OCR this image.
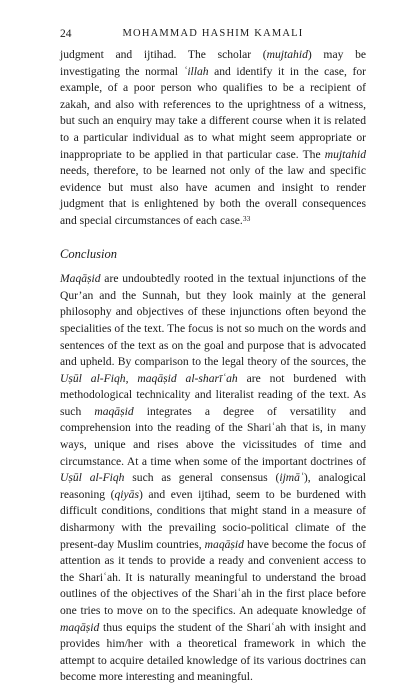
24	MOHAMMAD HASHIM KAMALI

judgment and ijtihad. The scholar (mujtahid) may be investigating the normal ʿillah and identify it in the case, for example, of a poor person who qualifies to be a recipient of zakah, and also with references to the uprightness of a witness, but such an enquiry may take a different course when it is related to a particular individual as to what might seem appropriate or inappropriate to be applied in that particular case. The mujtahid needs, therefore, to be learned not only of the law and specific evidence but must also have acumen and insight to render judgment that is enlightened by both the overall consequences and special circumstances of each case.$^{33}$

Conclusion

Maqāṣid are undoubtedly rooted in the textual injunctions of the Qur’an and the Sunnah, but they look mainly at the general philosophy and objectives of these injunctions often beyond the specialities of the text. The focus is not so much on the words and sentences of the text as on the goal and purpose that is advocated and upheld. By comparison to the legal theory of the sources, the Uṣūl al-Fiqh, maqāṣid al-sharīʿah are not burdened with methodological technicality and literalist reading of the text. As such maqāṣid integrates a degree of versatility and comprehension into the reading of the Shariʿah that is, in many ways, unique and rises above the vicissitudes of time and circumstance. At a time when some of the important doctrines of Uṣūl al-Fiqh such as general consensus (ijmāʿ), analogical reasoning (qiyās) and even ijtihad, seem to be burdened with difficult conditions, conditions that might stand in a measure of disharmony with the prevailing socio-political climate of the present-day Muslim countries, maqāṣid have become the focus of attention as it tends to provide a ready and convenient access to the Shariʿah. It is naturally meaningful to understand the broad outlines of the objectives of the Shariʿah in the first place before one tries to move on to the specifics. An adequate knowledge of maqāṣid thus equips the student of the Shariʿah with insight and provides him/her with a theoretical framework in which the attempt to acquire detailed knowledge of its various doctrines can become more interesting and meaningful.
